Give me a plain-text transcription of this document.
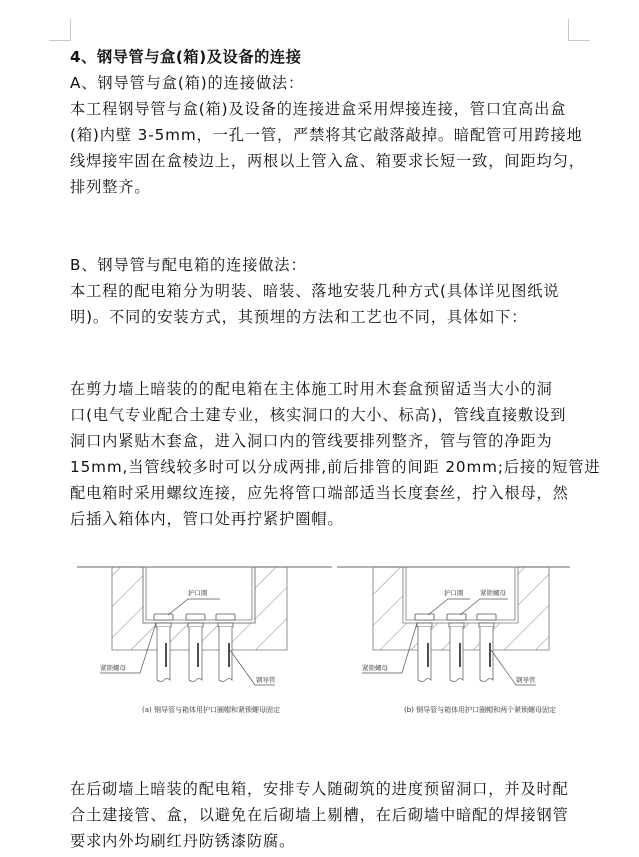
4、钢导管与盒(箱)及设备的连接
A、钢导管与盒(箱)的连接做法：
本工程钢导管与盒(箱)及设备的连接进盒采用焊接连接，管口宜高出盒
(箱)内壁 3-5mm，一孔一管，严禁将其它敲落敲掉。暗配管可用跨接地
线焊接牢固在盒棱边上，两根以上管入盒、箱要求长短一致，间距均匀，
排列整齐。
B、钢导管与配电箱的连接做法：
本工程的配电箱分为明装、暗装、落地安装几种方式(具体详见图纸说
明)。不同的安装方式，其预埋的方法和工艺也不同，具体如下：
在剪力墙上暗装的的配电箱在主体施工时用木套盒预留适当大小的洞
口(电气专业配合土建专业，核实洞口的大小、标高)，管线直接敷设到
洞口内紧贴木套盒，进入洞口内的管线要排列整齐，管与管的净距为
15mm,当管线较多时可以分成两排,前后排管的间距 20mm;后接的短管进
配电箱时采用螺纹连接，应先将管口端部适当长度套丝，拧入根母，然
后插入箱体内，管口处再拧紧护圈帽。
护口圈
紧锁螺母
钢导管
(a) 钢导管与箱体用护口圈帽和紧锁螺母固定
护口圈	紧锁螺母
紧锁螺母
钢导管
(b) 钢导管与箱体用护口圈帽和两个紧锁螺母固定
在后砌墙上暗装的配电箱，安排专人随砌筑的进度预留洞口，并及时配
合土建接管、盒，以避免在后砌墙上剔槽，在后砌墙中暗配的焊接钢管
要求内外均刷红丹防锈漆防腐。
